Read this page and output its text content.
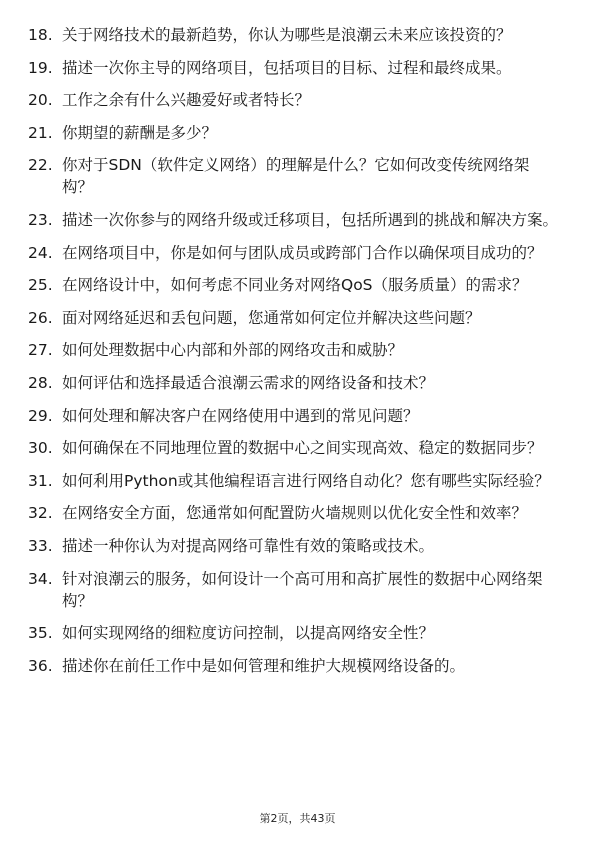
18. 关于网络技术的最新趋势，你认为哪些是浪潮云未来应该投资的？
19. 描述一次你主导的网络项目，包括项目的目标、过程和最终成果。
20. 工作之余有什么兴趣爱好或者特长？
21. 你期望的薪酬是多少？
22. 你对于SDN（软件定义网络）的理解是什么？它如何改变传统网络架构？
23. 描述一次你参与的网络升级或迁移项目，包括所遇到的挑战和解决方案。
24. 在网络项目中，你是如何与团队成员或跨部门合作以确保项目成功的？
25. 在网络设计中，如何考虑不同业务对网络QoS（服务质量）的需求？
26. 面对网络延迟和丢包问题，您通常如何定位并解决这些问题？
27. 如何处理数据中心内部和外部的网络攻击和威胁？
28. 如何评估和选择最适合浪潮云需求的网络设备和技术？
29. 如何处理和解决客户在网络使用中遇到的常见问题？
30. 如何确保在不同地理位置的数据中心之间实现高效、稳定的数据同步？
31. 如何利用Python或其他编程语言进行网络自动化？您有哪些实际经验？
32. 在网络安全方面，您通常如何配置防火墙规则以优化安全性和效率？
33. 描述一种你认为对提高网络可靠性有效的策略或技术。
34. 针对浪潮云的服务，如何设计一个高可用和高扩展性的数据中心网络架构？
35. 如何实现网络的细粒度访问控制，以提高网络安全性？
36. 描述你在前任工作中是如何管理和维护大规模网络设备的。
第2页，共43页
